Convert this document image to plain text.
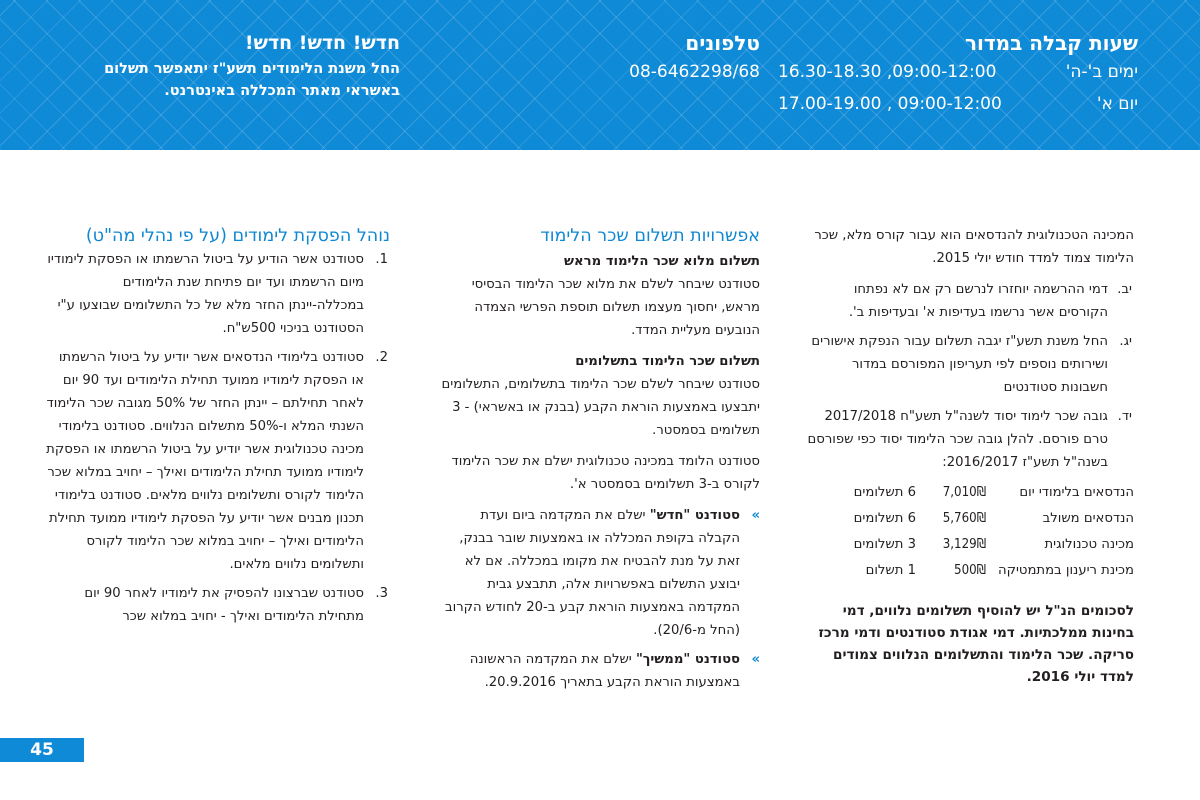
שעות קבלה במדור
ימים ב'-ה'
16.30-18.30 ,09:00-12:00
יום א'
17.00-19.00 , 09:00-12:00
טלפונים
08-6462298/68
חדש! חדש! חדש!
החל משנת הלימודים תשע"ז יתאפשר תשלום באשראי מאתר המכללה באינטרנט.
המכינה הטכנולוגית להנדסאים הוא עבור קורס מלא, שכר הלימוד צמוד למדד חודש יולי 2015.
יב.
דמי ההרשמה יוחזרו לנרשם רק אם לא נפתחו הקורסים אשר נרשמו בעדיפות א' ובעדיפות ב'.
יג.
החל משנת תשע"ז יגבה תשלום עבור הנפקת אישורים ושירותים נוספים לפי תעריפון המפורסם במדור חשבונות סטודנטים
יד.
גובה שכר לימוד יסוד לשנה"ל תשע"ח 2017/2018 טרם פורסם. להלן גובה שכר הלימוד יסוד כפי שפורסם בשנה"ל תשע"ז 2016/2017:
הנדסאים בלימודי יום
7,010₪
6 תשלומים
הנדסאים משולב
5,760₪
6 תשלומים
מכינה טכנולוגית
3,129₪
3 תשלומים
מכינת ריענון במתמטיקה
500₪
1 תשלום
לסכומים הנ"ל יש להוסיף תשלומים נלווים, דמי בחינות ממלכתיות. דמי אגודת סטודנטים ודמי מרכז סריקה. שכר הלימוד והתשלומים הנלווים צמודים למדד יולי 2016.
אפשרויות תשלום שכר הלימוד
תשלום מלוא שכר הלימוד מראש
סטודנט שיבחר לשלם את מלוא שכר הלימוד הבסיסי מראש, יחסוך מעצמו תשלום תוספת הפרשי הצמדה הנובעים מעליית המדד.
תשלום שכר הלימוד בתשלומים
סטודנט שיבחר לשלם שכר הלימוד בתשלומים, התשלומים יתבצעו באמצעות הוראת הקבע (בבנק או באשראי) - 3 תשלומים בסמסטר.
סטודנט הלומד במכינה טכנולוגית ישלם את שכר הלימוד לקורס ב-3 תשלומים בסמסטר א'.
»
סטודנט "חדש" ישלם את המקדמה ביום ועדת הקבלה בקופת המכללה או באמצעות שובר בבנק, זאת על מנת להבטיח את מקומו במכללה. אם לא יבוצע התשלום באפשרויות אלה, תתבצע גבית המקדמה באמצעות הוראת קבע ב-20 לחודש הקרוב (החל מ-20/6).
»
סטודנט "ממשיך" ישלם את המקדמה הראשונה באמצעות הוראת הקבע בתאריך 20.9.2016.
נוהל הפסקת לימודים (על פי נהלי מה"ט)
1.
סטודנט אשר הודיע על ביטול הרשמתו או הפסקת לימודיו מיום הרשמתו ועד יום פתיחת שנת הלימודים במכללה-יינתן החזר מלא של כל התשלומים שבוצעו ע"י הסטודנט בניכוי 500ש"ח.
2.
סטודנט בלימודי הנדסאים אשר יודיע על ביטול הרשמתו או הפסקת לימודיו ממועד תחילת הלימודים ועד 90 יום לאחר תחילתם – יינתן החזר של 50% מגובה שכר הלימוד השנתי המלא ו-50% מתשלום הנלווים. סטודנט בלימודי מכינה טכנולוגית אשר יודיע על ביטול הרשמתו או הפסקת לימודיו ממועד תחילת הלימודים ואילך – יחויב במלוא שכר הלימוד לקורס ותשלומים נלווים מלאים. סטודנט בלימודי תכנון מבנים אשר יודיע על הפסקת לימודיו ממועד תחילת הלימודים ואילך – יחויב במלוא שכר הלימוד לקורס ותשלומים נלווים מלאים.
3.
סטודנט שברצונו להפסיק את לימודיו לאחר 90 יום מתחילת הלימודים ואילך - יחויב במלוא שכר
45
